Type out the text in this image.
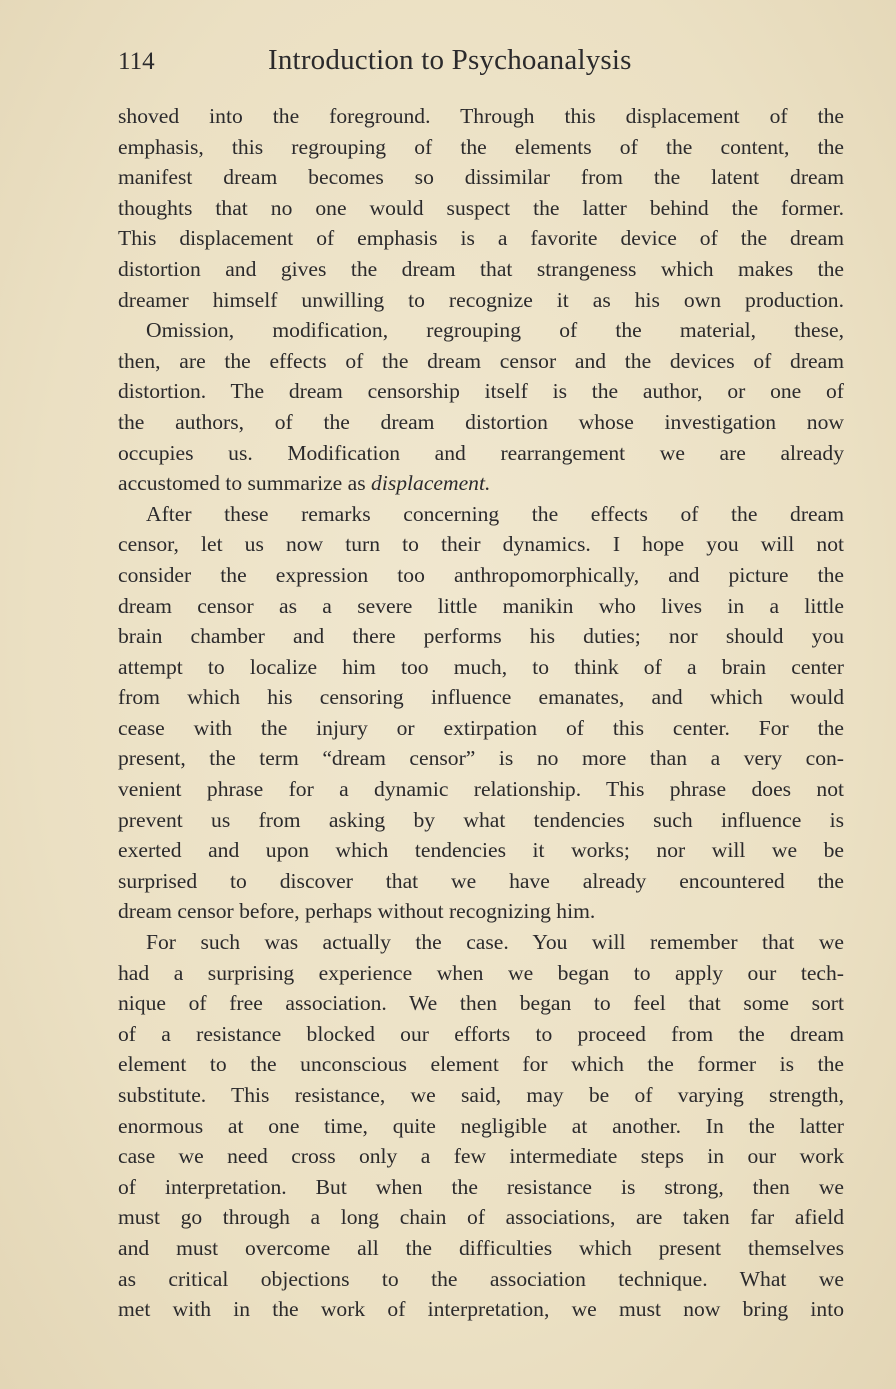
114	Introduction to Psychoanalysis

shoved into the foreground. Through this displacement of the
emphasis, this regrouping of the elements of the content, the
manifest dream becomes so dissimilar from the latent dream
thoughts that no one would suspect the latter behind the former.
This displacement of emphasis is a favorite device of the dream
distortion and gives the dream that strangeness which makes the
dreamer himself unwilling to recognize it as his own production.

Omission, modification, regrouping of the material, these,
then, are the effects of the dream censor and the devices of dream
distortion. The dream censorship itself is the author, or one of
the authors, of the dream distortion whose investigation now
occupies us. Modification and rearrangement we are already
accustomed to summarize as displacement.

After these remarks concerning the effects of the dream
censor, let us now turn to their dynamics. I hope you will not
consider the expression too anthropomorphically, and picture the
dream censor as a severe little manikin who lives in a little
brain chamber and there performs his duties; nor should you
attempt to localize him too much, to think of a brain center
from which his censoring influence emanates, and which would
cease with the injury or extirpation of this center. For the
present, the term “dream censor” is no more than a very con-
venient phrase for a dynamic relationship. This phrase does not
prevent us from asking by what tendencies such influence is
exerted and upon which tendencies it works; nor will we be
surprised to discover that we have already encountered the
dream censor before, perhaps without recognizing him.

For such was actually the case. You will remember that we
had a surprising experience when we began to apply our tech-
nique of free association. We then began to feel that some sort
of a resistance blocked our efforts to proceed from the dream
element to the unconscious element for which the former is the
substitute. This resistance, we said, may be of varying strength,
enormous at one time, quite negligible at another. In the latter
case we need cross only a few intermediate steps in our work
of interpretation. But when the resistance is strong, then we
must go through a long chain of associations, are taken far afield
and must overcome all the difficulties which present themselves
as critical objections to the association technique. What we
met with in the work of interpretation, we must now bring into
